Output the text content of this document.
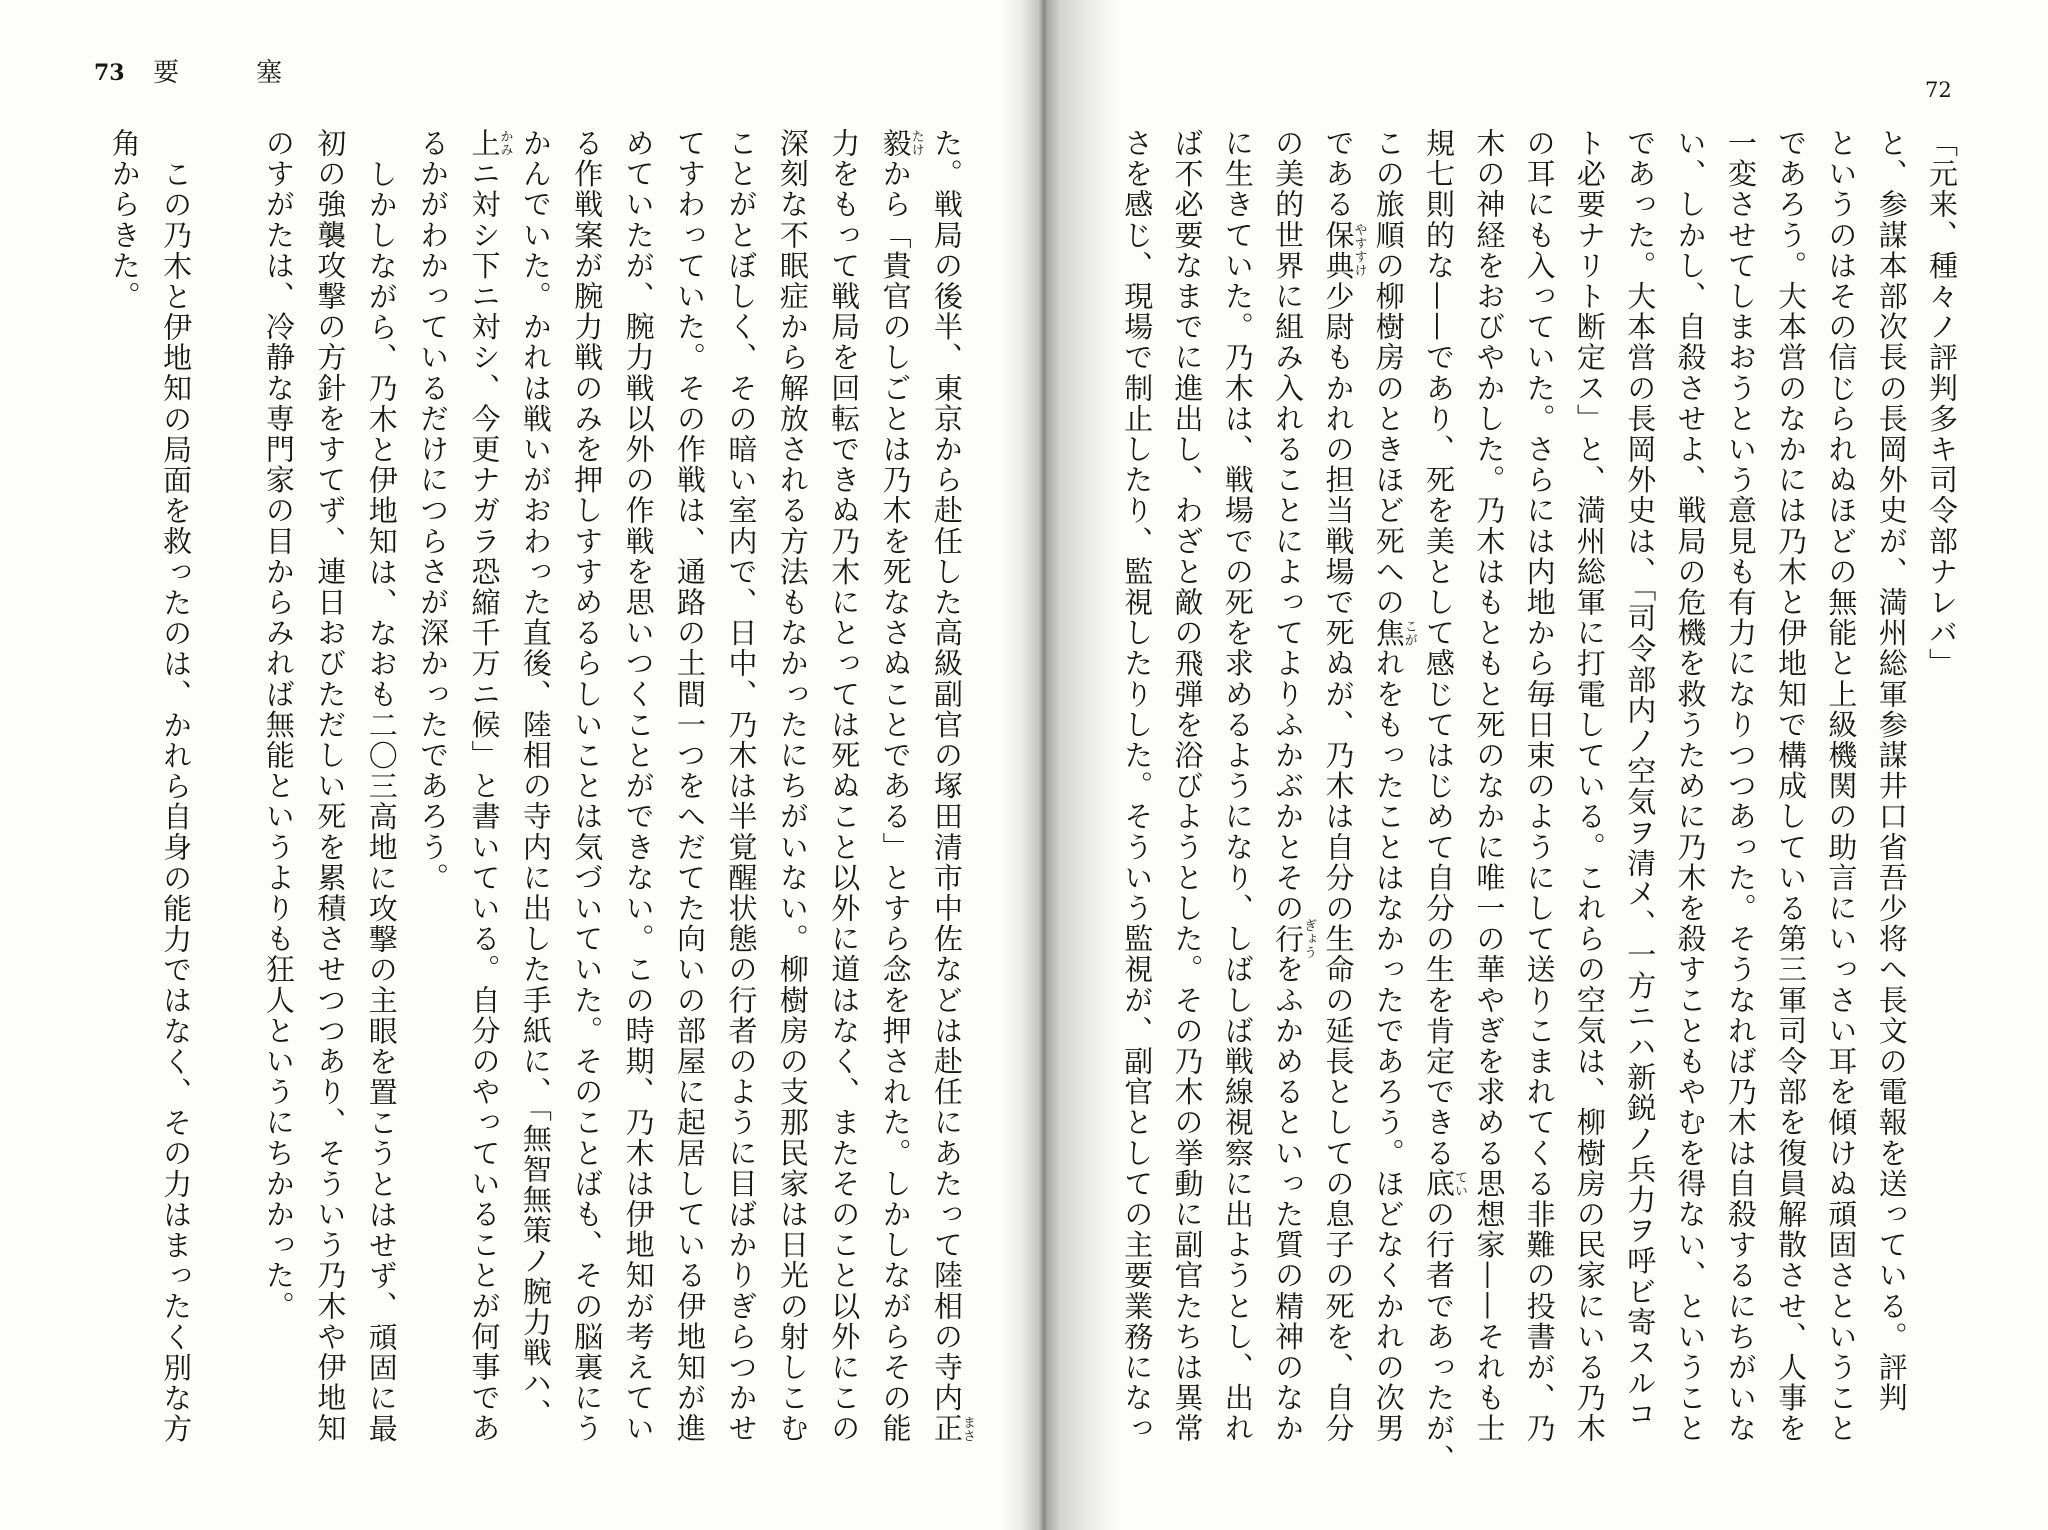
73 要塞
72
「元来、種々ノ評判多キ司令部ナレバ」
と、参謀本部次長の長岡外史が、満州総軍参謀井口省吾少将へ長文の電報を送っている。評判
というのはその信じられぬほどの無能と上級機関の助言にいっさい耳を傾けぬ頑固さということ
であろう。大本営のなかには乃木と伊地知で構成している第三軍司令部を復員解散させ、人事を
一変させてしまおうという意見も有力になりつつあった。そうなれば乃木は自殺するにちがいな
い、しかし、自殺させよ、戦局の危機を救うために乃木を殺すこともやむを得ない、ということ
であった。大本営の長岡外史は、「司令部内ノ空気ヲ清メ、一方ニハ新鋭ノ兵力ヲ呼ビ寄スルコ
ト必要ナリト断定ス」と、満州総軍に打電している。これらの空気は、柳樹房の民家にいる乃木
の耳にも入っていた。さらには内地から毎日束のようにして送りこまれてくる非難の投書が、乃
木の神経をおびやかした。乃木はもともと死のなかに唯一の華やぎを求める思想家——それも士
規七則的な——であり、死を美として感じてはじめて自分の生を肯定できる底
てい
の行者であったが、
この旅順の柳樹房のときほど死への焦
こが
れをもったことはなかったであろう。ほどなくかれの次男
である保典
やすすけ
少尉もかれの担当戦場で死ぬが、乃木は自分の生命の延長としての息子の死を、自分
の美的世界に組み入れることによってよりふかぶかとその行
ぎょう
をふかめるといった質の精神のなか
に生きていた。乃木は、戦場での死を求めるようになり、しばしば戦線視察に出ようとし、出れ
ば不必要なまでに進出し、わざと敵の飛弾を浴びようとした。その乃木の挙動に副官たちは異常
さを感じ、現場で制止したり、監視したりした。そういう監視が、副官としての主要業務になっ
た。戦局の後半、東京から赴任した高級副官の塚田清市中佐などは赴任にあたって陸相の寺内正
まさ
毅
たけ
から「貴官のしごとは乃木を死なさぬことである」とすら念を押された。しかしながらその能
力をもって戦局を回転できぬ乃木にとっては死ぬこと以外に道はなく、またそのこと以外にこの
深刻な不眠症から解放される方法もなかったにちがいない。柳樹房の支那民家は日光の射しこむ
ことがとぼしく、その暗い室内で、日中、乃木は半覚醒状態の行者のように目ばかりぎらつかせ
てすわっていた。その作戦は、通路の土間一つをへだてた向いの部屋に起居している伊地知が進
めていたが、腕力戦以外の作戦を思いつくことができない。この時期、乃木は伊地知が考えてい
る作戦案が腕力戦のみを押しすすめるらしいことは気づいていた。そのことばも、その脳裏にう
かんでいた。かれは戦いがおわった直後、陸相の寺内に出した手紙に、「無智無策ノ腕力戦ハ、
上
かみ
ニ対シ下ニ対シ、今更ナガラ恐縮千万ニ候」と書いている。自分のやっていることが何事であ
るかがわかっているだけにつらさが深かったであろう。
しかしながら、乃木と伊地知は、なおも二〇三高地に攻撃の主眼を置こうとはせず、頑固に最
初の強襲攻撃の方針をすてず、連日おびただしい死を累積させつつあり、そういう乃木や伊地知
のすがたは、冷静な専門家の目からみれば無能というよりも狂人というにちかかった。
この乃木と伊地知の局面を救ったのは、かれら自身の能力ではなく、その力はまったく別な方
角からきた。
